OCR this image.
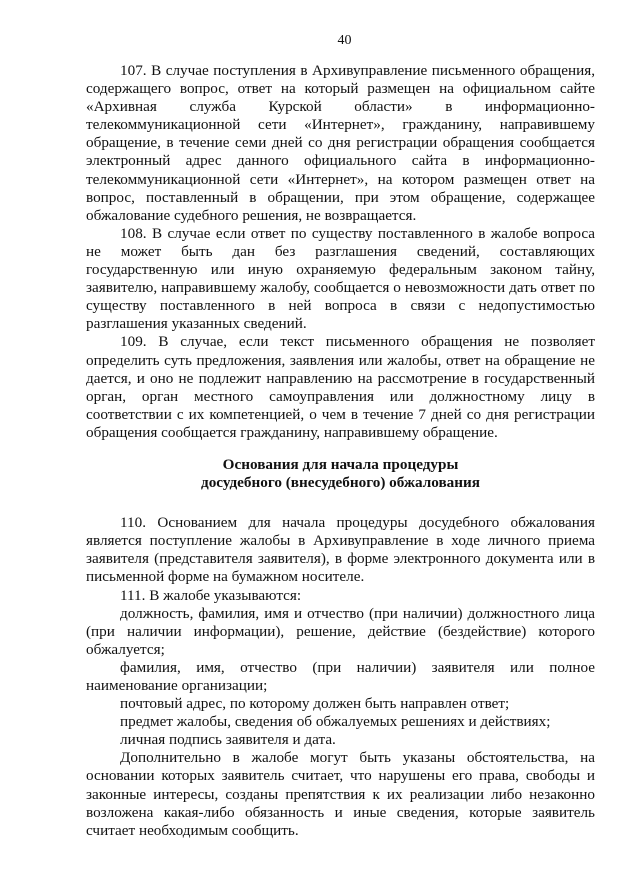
40

107. В случае поступления в Архивуправление письменного обращения, содержащего вопрос, ответ на который размещен на официальном сайте «Архивная служба Курской области» в информационно-телекоммуникационной сети «Интернет», гражданину, направившему обращение, в течение семи дней со дня регистрации обращения сообщается электронный адрес данного официального сайта в информационно-телекоммуникационной сети «Интернет», на котором размещен ответ на вопрос, поставленный в обращении, при этом обращение, содержащее обжалование судебного решения, не возвращается.

108. В случае если ответ по существу поставленного в жалобе вопроса не может быть дан без разглашения сведений, составляющих государственную или иную охраняемую федеральным законом тайну, заявителю, направившему жалобу, сообщается о невозможности дать ответ по существу поставленного в ней вопроса в связи с недопустимостью разглашения указанных сведений.

109. В случае, если текст письменного обращения не позволяет определить суть предложения, заявления или жалобы, ответ на обращение не дается, и оно не подлежит направлению на рассмотрение в государственный орган, орган местного самоуправления или должностному лицу в соответствии с их компетенцией, о чем в течение 7 дней со дня регистрации обращения сообщается гражданину, направившему обращение.

Основания для начала процедуры
досудебного (внесудебного) обжалования

110. Основанием для начала процедуры досудебного обжалования является поступление жалобы в Архивуправление в ходе личного приема заявителя (представителя заявителя), в форме электронного документа или в письменной форме на бумажном носителе.

111. В жалобе указываются:

должность, фамилия, имя и отчество (при наличии) должностного лица (при наличии информации), решение, действие (бездействие) которого обжалуется;

фамилия, имя, отчество (при наличии) заявителя или полное наименование организации;

почтовый адрес, по которому должен быть направлен ответ;

предмет жалобы, сведения об обжалуемых решениях и действиях;

личная подпись заявителя и дата.

Дополнительно в жалобе могут быть указаны обстоятельства, на основании которых заявитель считает, что нарушены его права, свободы и законные интересы, созданы препятствия к их реализации либо незаконно возложена какая-либо обязанность и иные сведения, которые заявитель считает необходимым сообщить.
